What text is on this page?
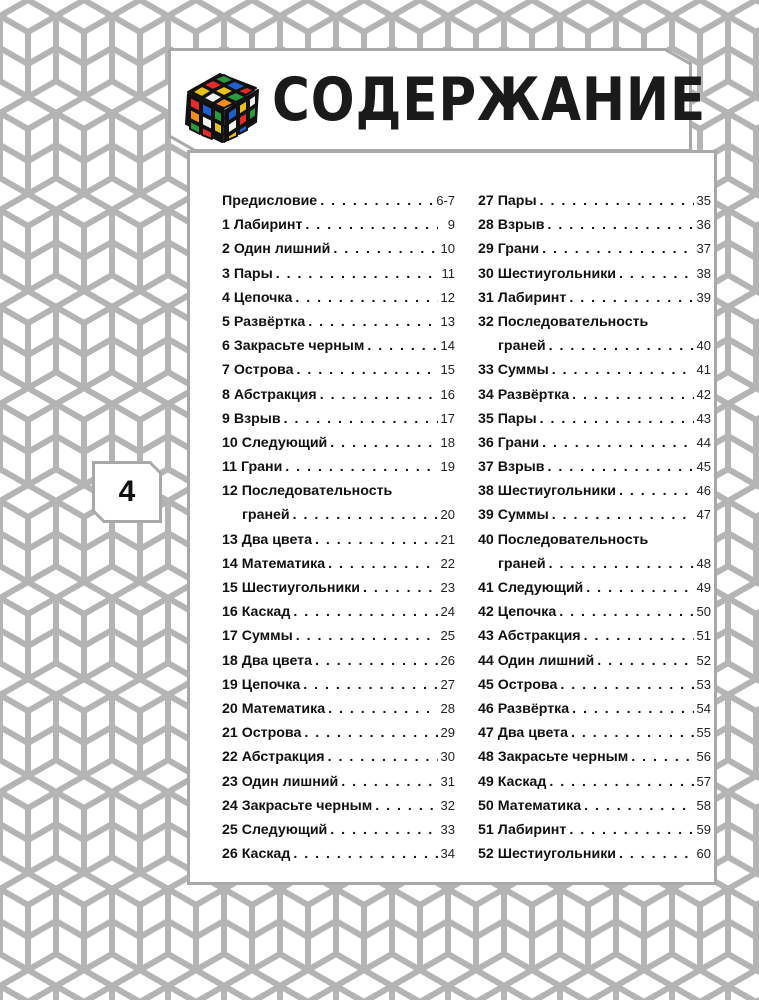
СОДЕРЖАНИЕ
4
Предисловие . . .	6-7
1 Лабиринт . . .	9
2 Один лишний . . .	10
3 Пары . . .	11
4 Цепочка . . .	12
5 Развёртка . . .	13
6 Закрасьте черным . . .	14
7 Острова . . .	15
8 Абстракция . . .	16
9 Взрыв . . .	17
10 Следующий . . .	18
11 Грани . . .	19
12 Последовательность
граней . . .	20
13 Два цвета . . .	21
14 Математика . . .	22
15 Шестиугольники . . .	23
16 Каскад . . .	24
17 Суммы . . .	25
18 Два цвета . . .	26
19 Цепочка . . .	27
20 Математика . . .	28
21 Острова . . .	29
22 Абстракция . . .	30
23 Один лишний . . .	31
24 Закрасьте черным . . .	32
25 Следующий . . .	33
26 Каскад . . .	34
27 Пары . . .	35
28 Взрыв . . .	36
29 Грани . . .	37
30 Шестиугольники . . .	38
31 Лабиринт . . .	39
32 Последовательность
граней . . .	40
33 Суммы . . .	41
34 Развёртка . . .	42
35 Пары . . .	43
36 Грани . . .	44
37 Взрыв . . .	45
38 Шестиугольники . . .	46
39 Суммы . . .	47
40 Последовательность
граней . . .	48
41 Следующий . . .	49
42 Цепочка . . .	50
43 Абстракция . . .	51
44 Один лишний . . .	52
45 Острова . . .	53
46 Развёртка . . .	54
47 Два цвета . . .	55
48 Закрасьте черным . . .	56
49 Каскад . . .	57
50 Математика . . .	58
51 Лабиринт . . .	59
52 Шестиугольники . . .	60
